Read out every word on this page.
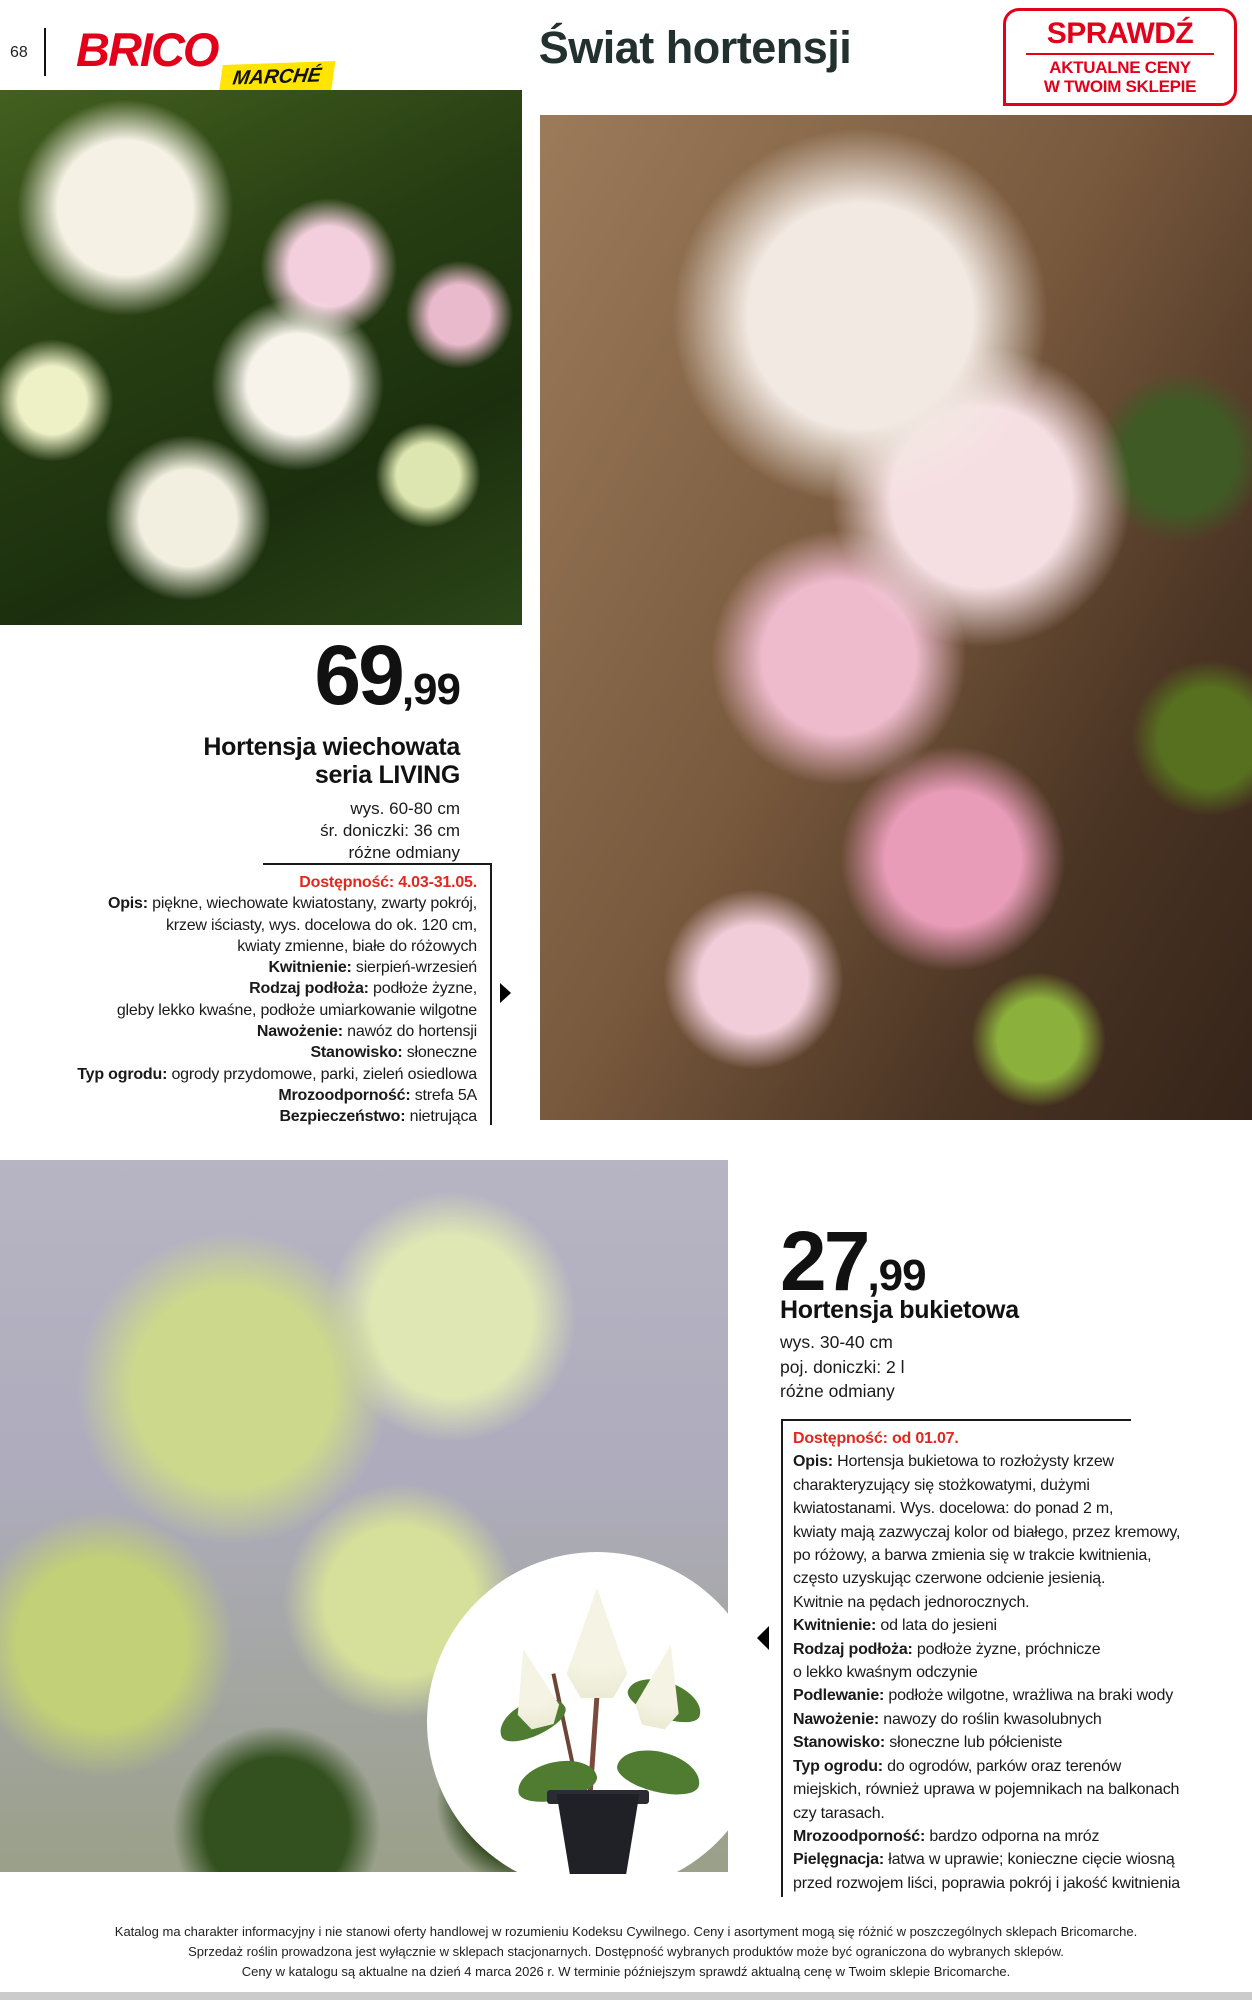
68 BRICO
MARCHÉ
Świat hortensji	SPRAWDŹ
AKTUALNE CENY
W TWOIM SKLEPIE
69,99
Hortensja wiechowata
seria LIVING
wys. 60-80 cm
śr. doniczki: 36 cm
różne odmiany
Dostępność: 4.03-31.05.
Opis: piękne, wiechowate kwiatostany, zwarty pokrój,
krzew iściasty, wys. docelowa do ok. 120 cm,
kwiaty zmienne, białe do różowych
Kwitnienie: sierpień-wrzesień
Rodzaj podłoża: podłoże żyzne,
gleby lekko kwaśne, podłoże umiarkowanie wilgotne
Nawożenie: nawóz do hortensji
Stanowisko: słoneczne
Typ ogrodu: ogrody przydomowe, parki, zieleń osiedlowa
Mrozoodporność: strefa 5A
Bezpieczeństwo: nietrująca
27,99
Hortensja bukietowa
wys. 30-40 cm
poj. doniczki: 2 l
różne odmiany
Dostępność: od 01.07.
Opis: Hortensja bukietowa to rozłożysty krzew
charakteryzujący się stożkowatymi, dużymi
kwiatostanami. Wys. docelowa: do ponad 2 m,
kwiaty mają zazwyczaj kolor od białego, przez kremowy,
po różowy, a barwa zmienia się w trakcie kwitnienia,
często uzyskując czerwone odcienie jesienią.
Kwitnie na pędach jednorocznych.
Kwitnienie: od lata do jesieni
Rodzaj podłoża: podłoże żyzne, próchnicze
o lekko kwaśnym odczynie
Podlewanie: podłoże wilgotne, wrażliwa na braki wody
Nawożenie: nawozy do roślin kwasolubnych
Stanowisko: słoneczne lub półcieniste
Typ ogrodu: do ogrodów, parków oraz terenów
miejskich, również uprawa w pojemnikach na balkonach
czy tarasach.
Mrozoodporność: bardzo odporna na mróz
Pielęgnacja: łatwa w uprawie; konieczne cięcie wiosną
przed rozwojem liści, poprawia pokrój i jakość kwitnienia
Katalog ma charakter informacyjny i nie stanowi oferty handlowej w rozumieniu Kodeksu Cywilnego. Ceny i asortyment mogą się różnić w poszczególnych sklepach Bricomarche.
Sprzedaż roślin prowadzona jest wyłącznie w sklepach stacjonarnych. Dostępność wybranych produktów może być ograniczona do wybranych sklepów.
Ceny w katalogu są aktualne na dzień 4 marca 2026 r. W terminie późniejszym sprawdź aktualną cenę w Twoim sklepie Bricomarche.
